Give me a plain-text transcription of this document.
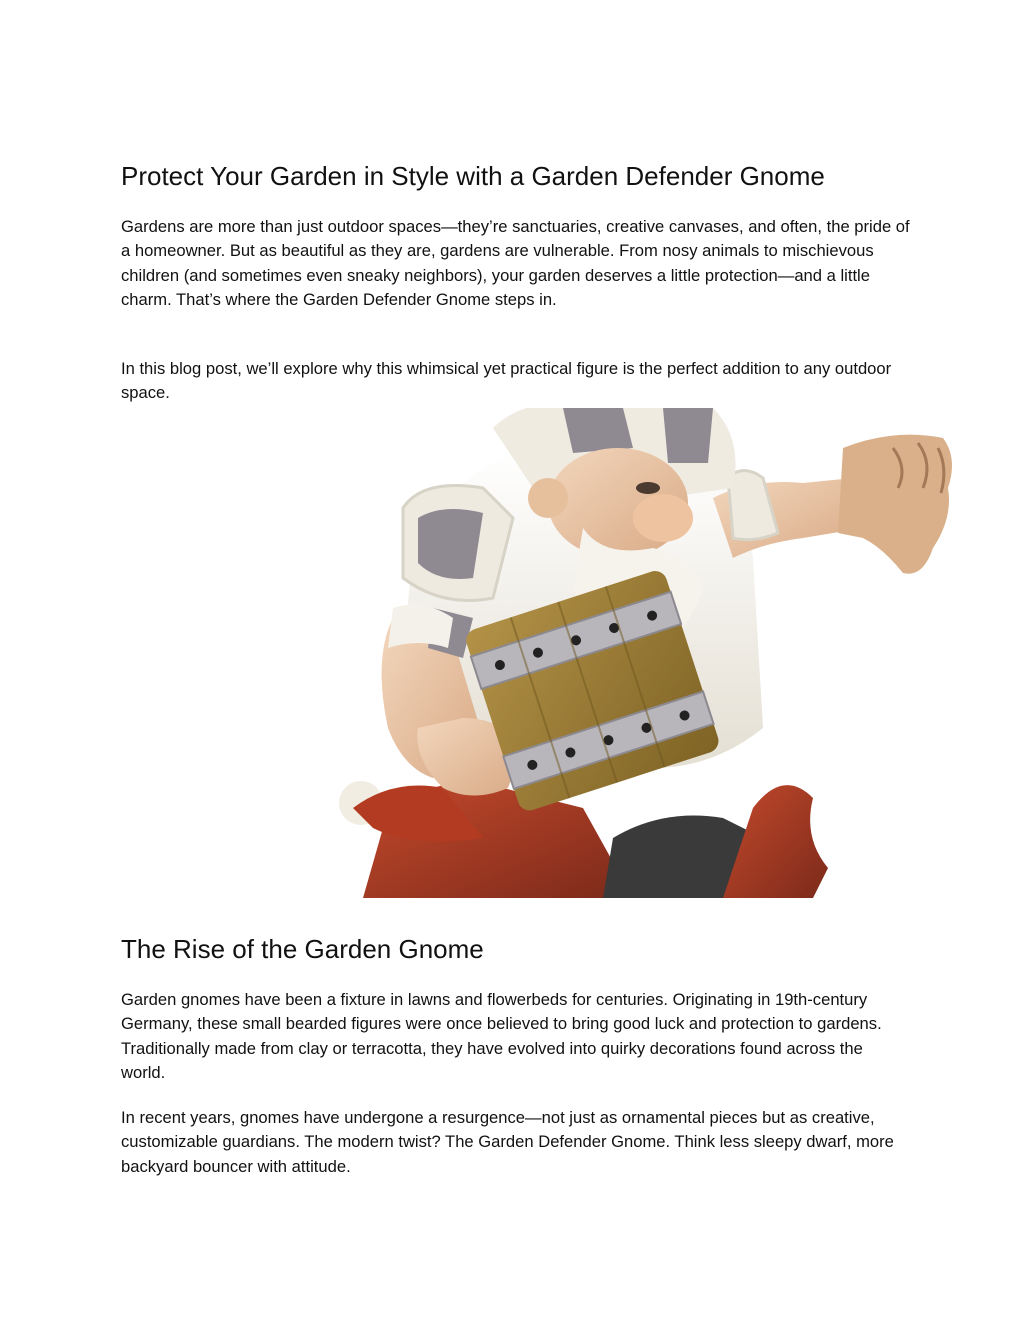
Protect Your Garden in Style with a Garden Defender Gnome

Gardens are more than just outdoor spaces—they’re sanctuaries, creative canvases, and often, the pride of a homeowner. But as beautiful as they are, gardens are vulnerable. From nosy animals to mischievous children (and sometimes even sneaky neighbors), your garden deserves a little protection—and a little charm. That’s where the Garden Defender Gnome steps in.

In this blog post, we’ll explore why this whimsical yet practical figure is the perfect addition to any outdoor space.

The Rise of the Garden Gnome

Garden gnomes have been a fixture in lawns and flowerbeds for centuries. Originating in 19th-century Germany, these small bearded figures were once believed to bring good luck and protection to gardens. Traditionally made from clay or terracotta, they have evolved into quirky decorations found across the world.

In recent years, gnomes have undergone a resurgence—not just as ornamental pieces but as creative, customizable guardians. The modern twist? The Garden Defender Gnome. Think less sleepy dwarf, more backyard bouncer with attitude.
